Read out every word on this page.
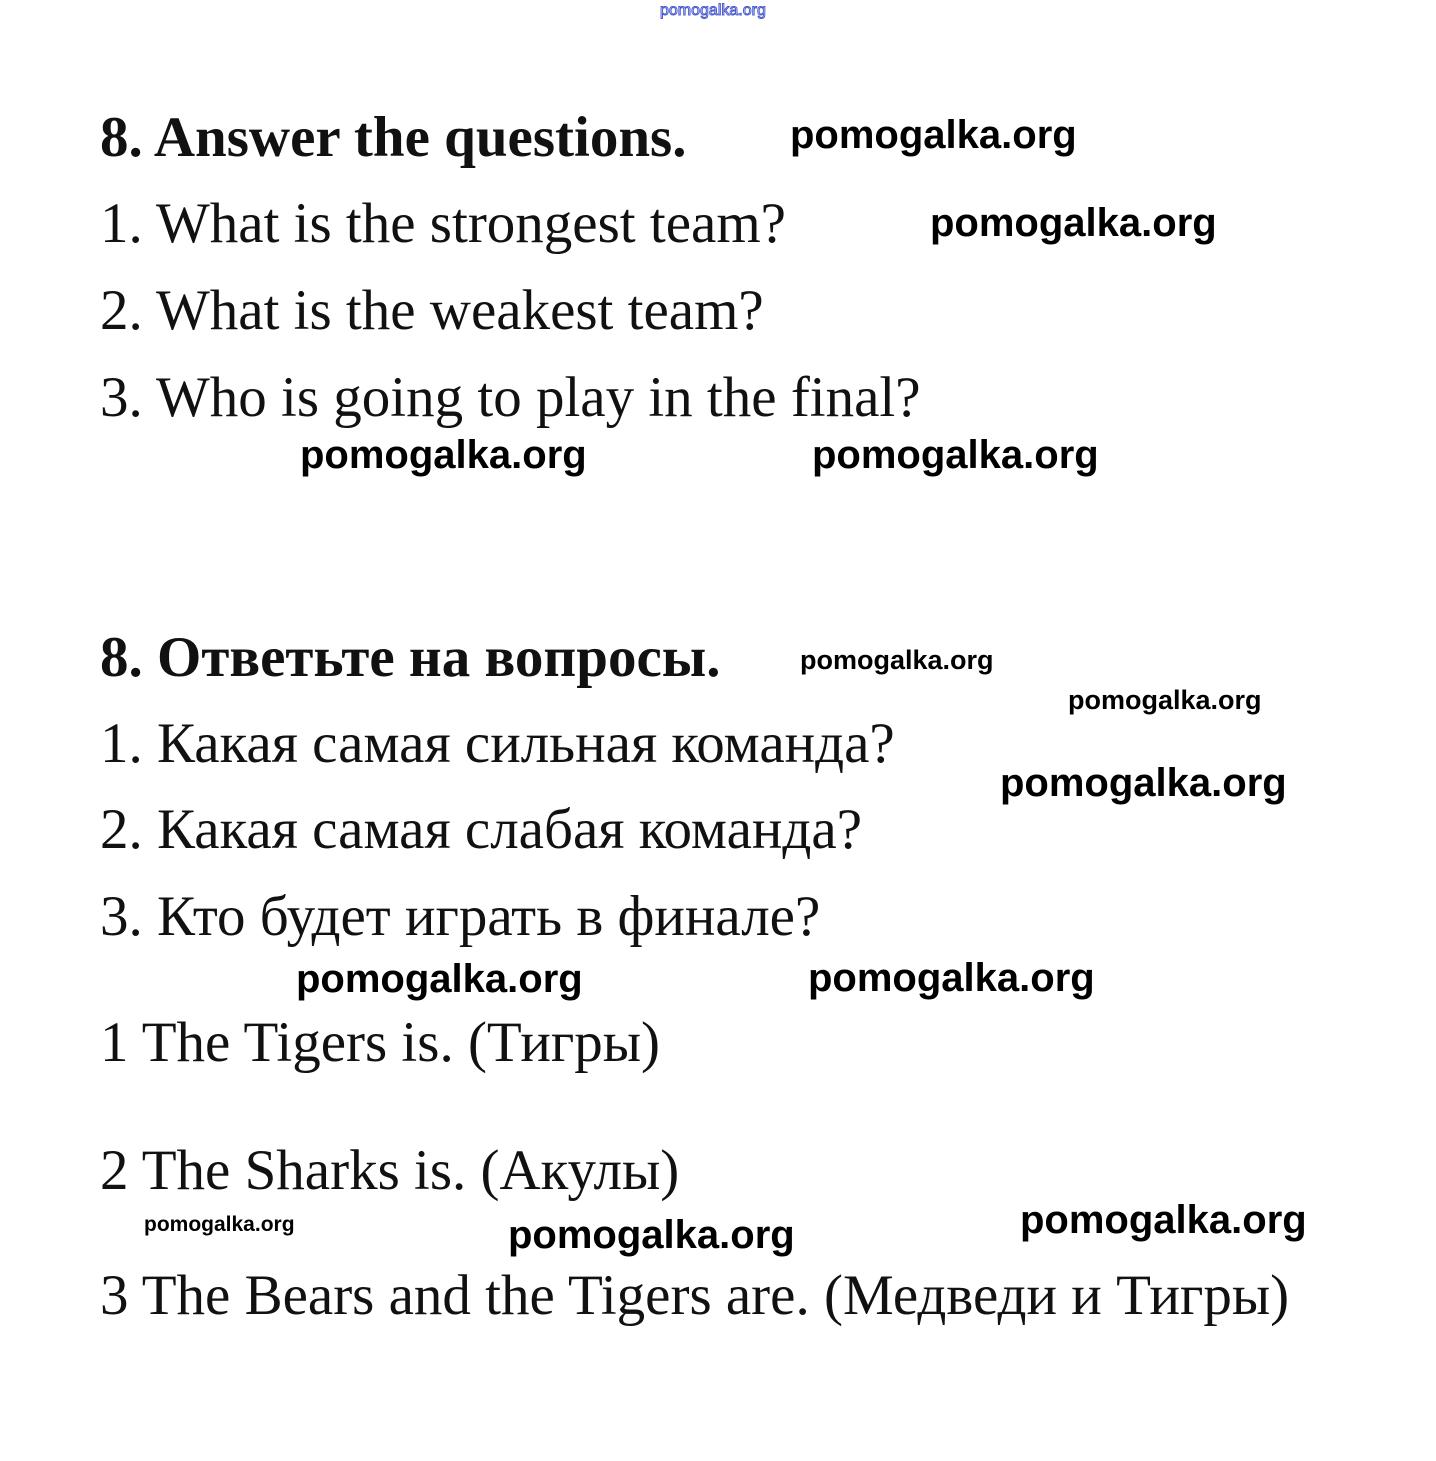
pomogalka.org
8. Answer the questions.
1. What is the strongest team?
2. What is the weakest team?
3. Who is going to play in the final?
8. Ответьте на вопросы.
1. Какая самая сильная команда?
2. Какая самая слабая команда?
3. Кто будет играть в финале?
1 The Tigers is. (Тигры)
2 The Sharks is. (Акулы)
3 The Bears and the Tigers are. (Медведи и Тигры)
pomogalka.org
pomogalka.org
pomogalka.org	pomogalka.org
pomogalka.org
pomogalka.org
pomogalka.org
pomogalka.org	pomogalka.org
pomogalka.org	pomogalka.org	pomogalka.org
